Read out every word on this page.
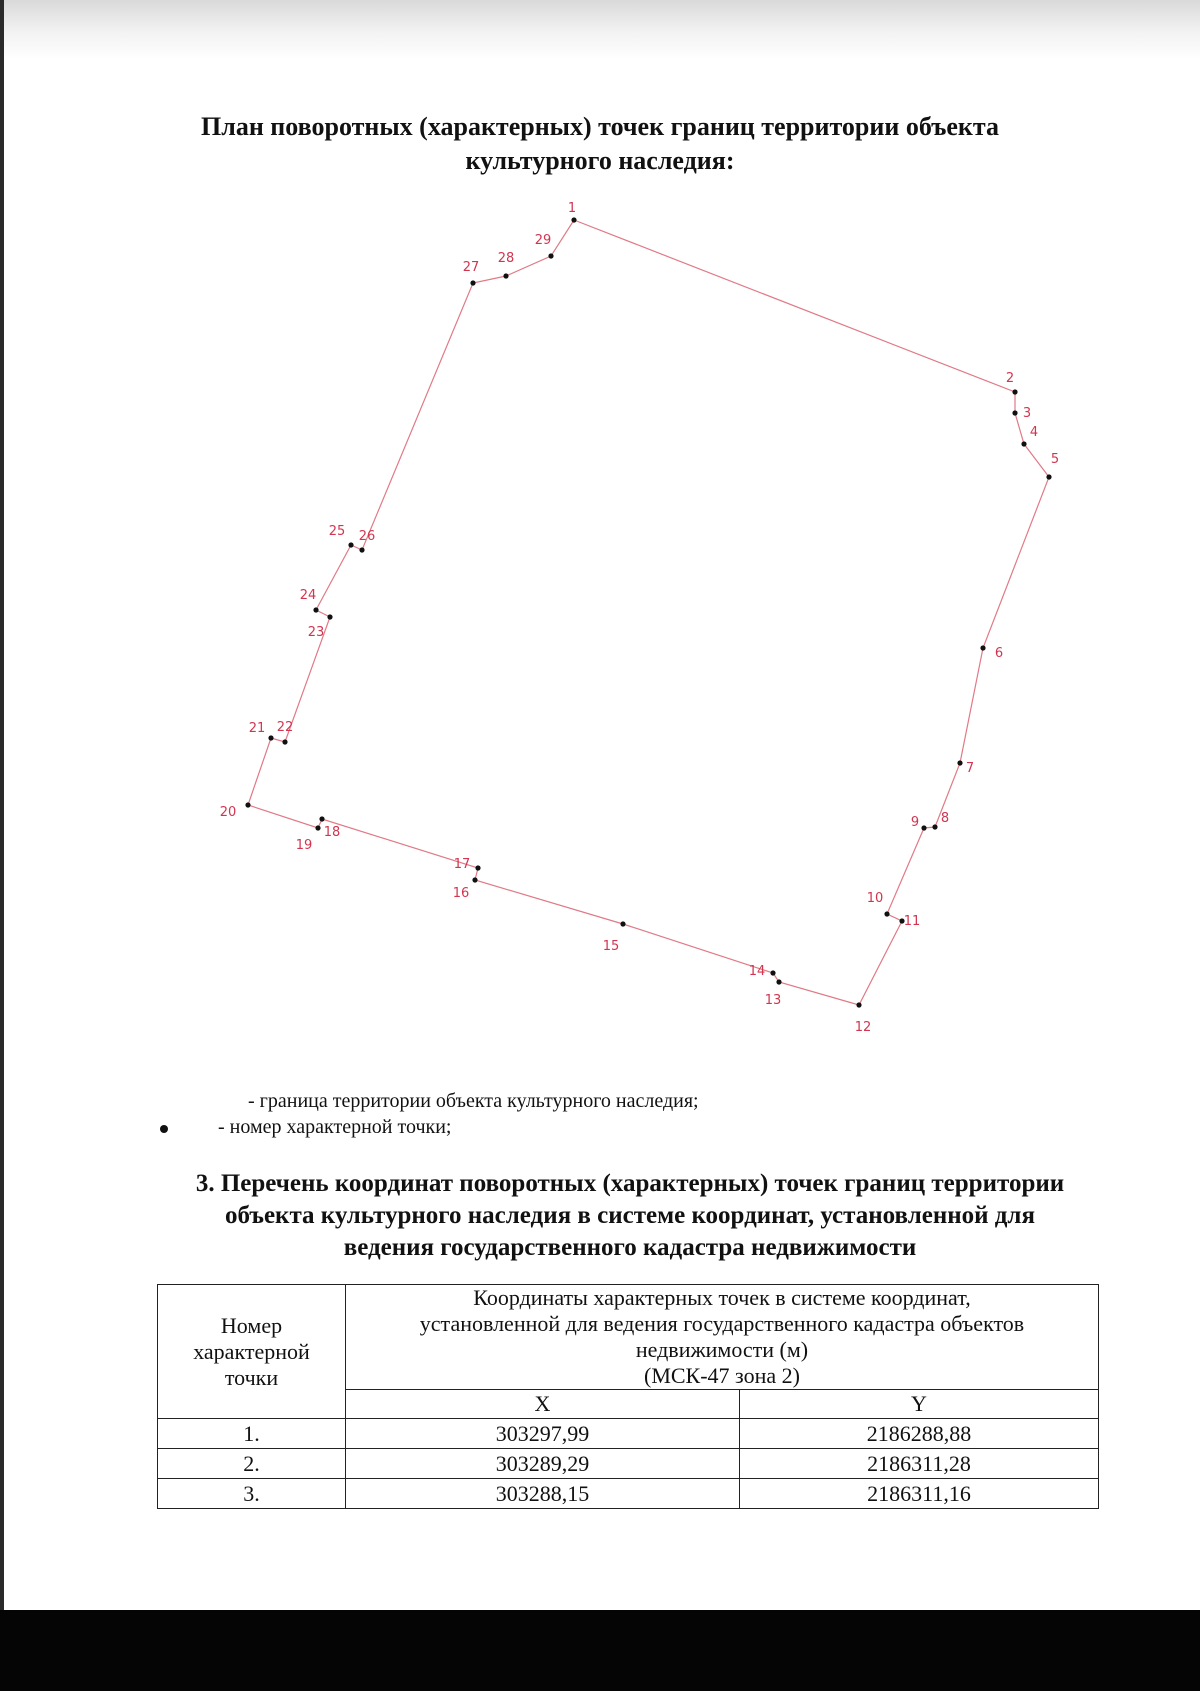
План поворотных (характерных) точек границ территории объекта
культурного наследия:
1
2
3
4
5
6
7
8
9
10
11
12
13
14
15
16
17
18
19
20
21 22
23
24
25 26
27
28
29
- граница территории объекта культурного наследия;
- номер характерной точки;
3. Перечень координат поворотных (характерных) точек границ территории
объекта культурного наследия в системе координат, установленной для
ведения государственного кадастра недвижимости
Номер
характерной
точки	Координаты характерных точек в системе координат,
установленной для ведения государственного кадастра объектов
недвижимости (м)
(МСК-47 зона 2)	

	X	Y
1.	303297,99	2186288,88
2.	303289,29	2186311,28
3.	303288,15	2186311,16
